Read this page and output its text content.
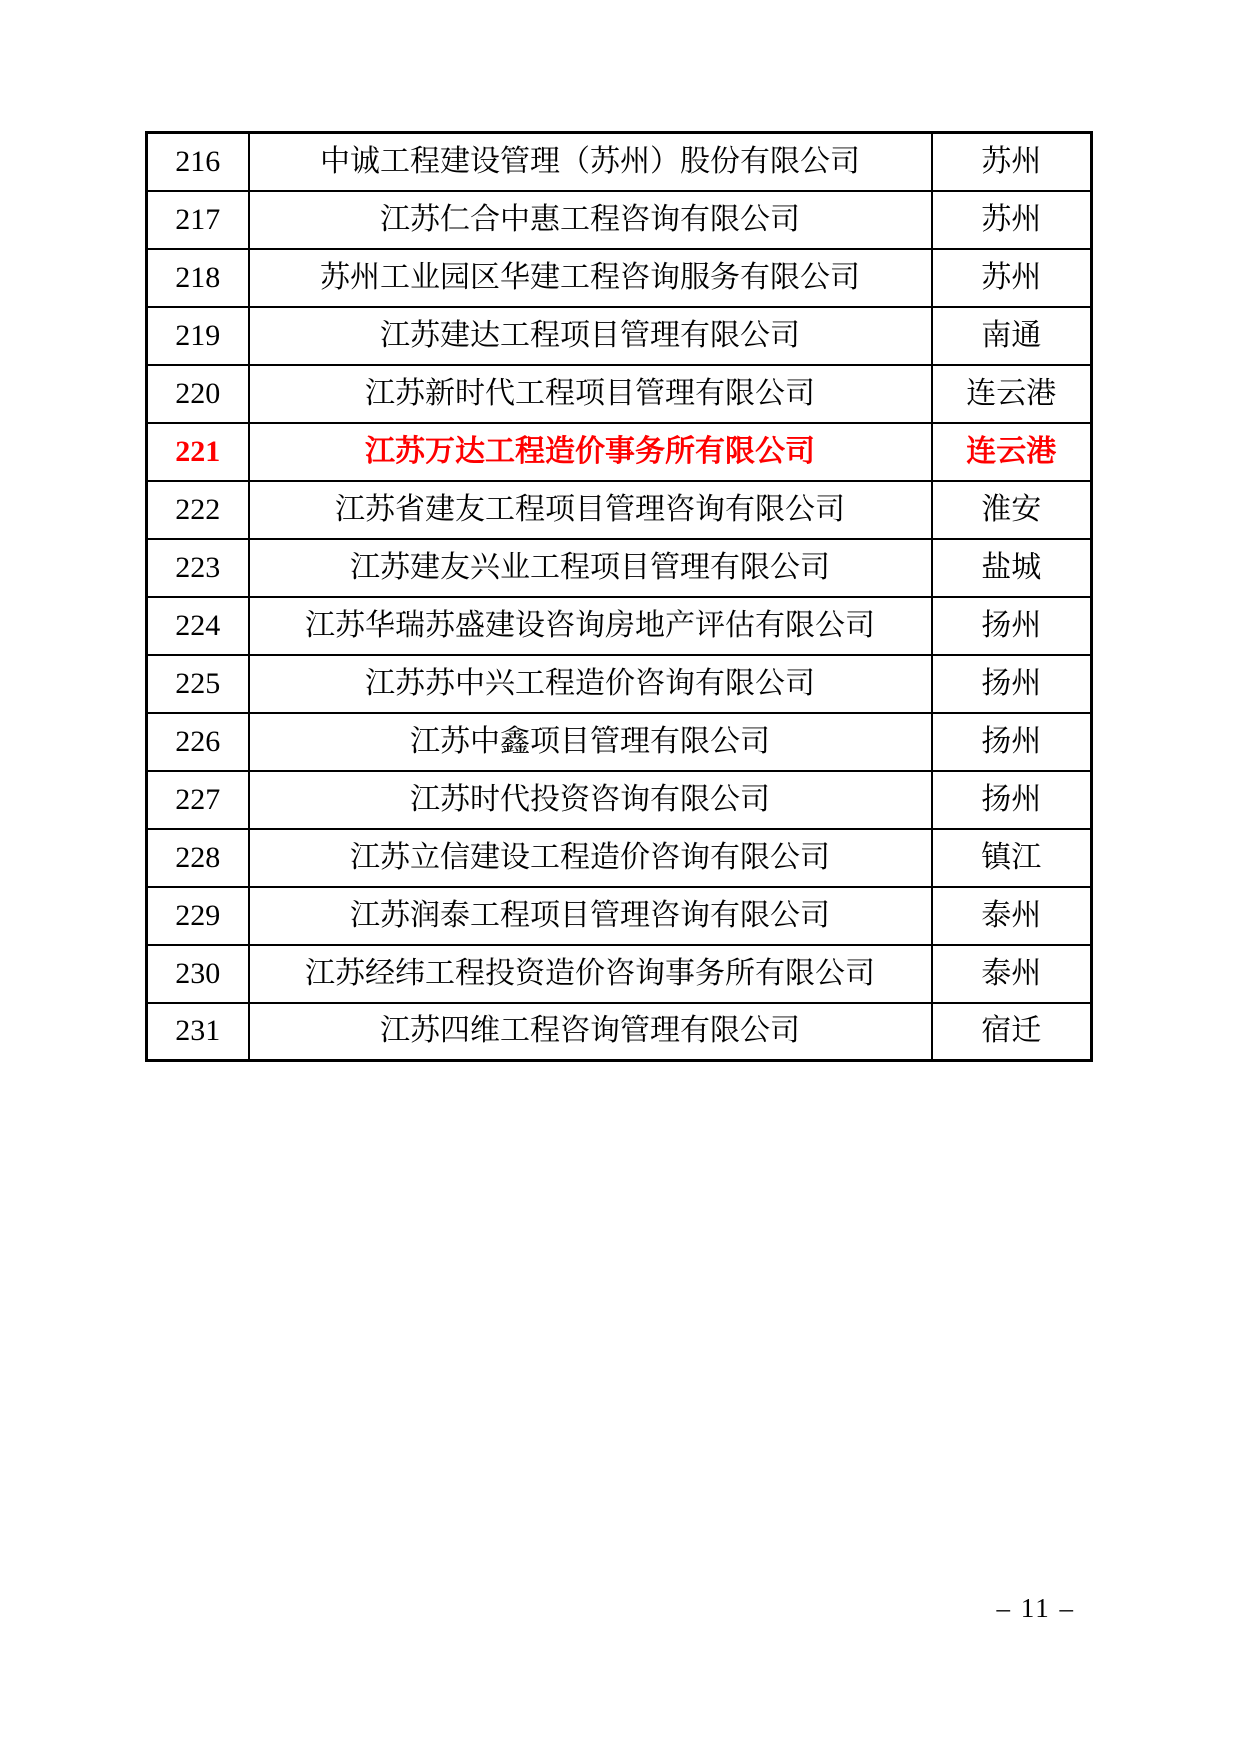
216	中诚工程建设管理（苏州）股份有限公司	苏州
217	江苏仁合中惠工程咨询有限公司	苏州
218	苏州工业园区华建工程咨询服务有限公司	苏州
219	江苏建达工程项目管理有限公司	南通
220	江苏新时代工程项目管理有限公司	连云港
221	江苏万达工程造价事务所有限公司	连云港
222	江苏省建友工程项目管理咨询有限公司	淮安
223	江苏建友兴业工程项目管理有限公司	盐城
224	江苏华瑞苏盛建设咨询房地产评估有限公司	扬州
225	江苏苏中兴工程造价咨询有限公司	扬州
226	江苏中鑫项目管理有限公司	扬州
227	江苏时代投资咨询有限公司	扬州
228	江苏立信建设工程造价咨询有限公司	镇江
229	江苏润泰工程项目管理咨询有限公司	泰州
230	江苏经纬工程投资造价咨询事务所有限公司	泰州
231	江苏四维工程咨询管理有限公司	宿迁
– 11 –
